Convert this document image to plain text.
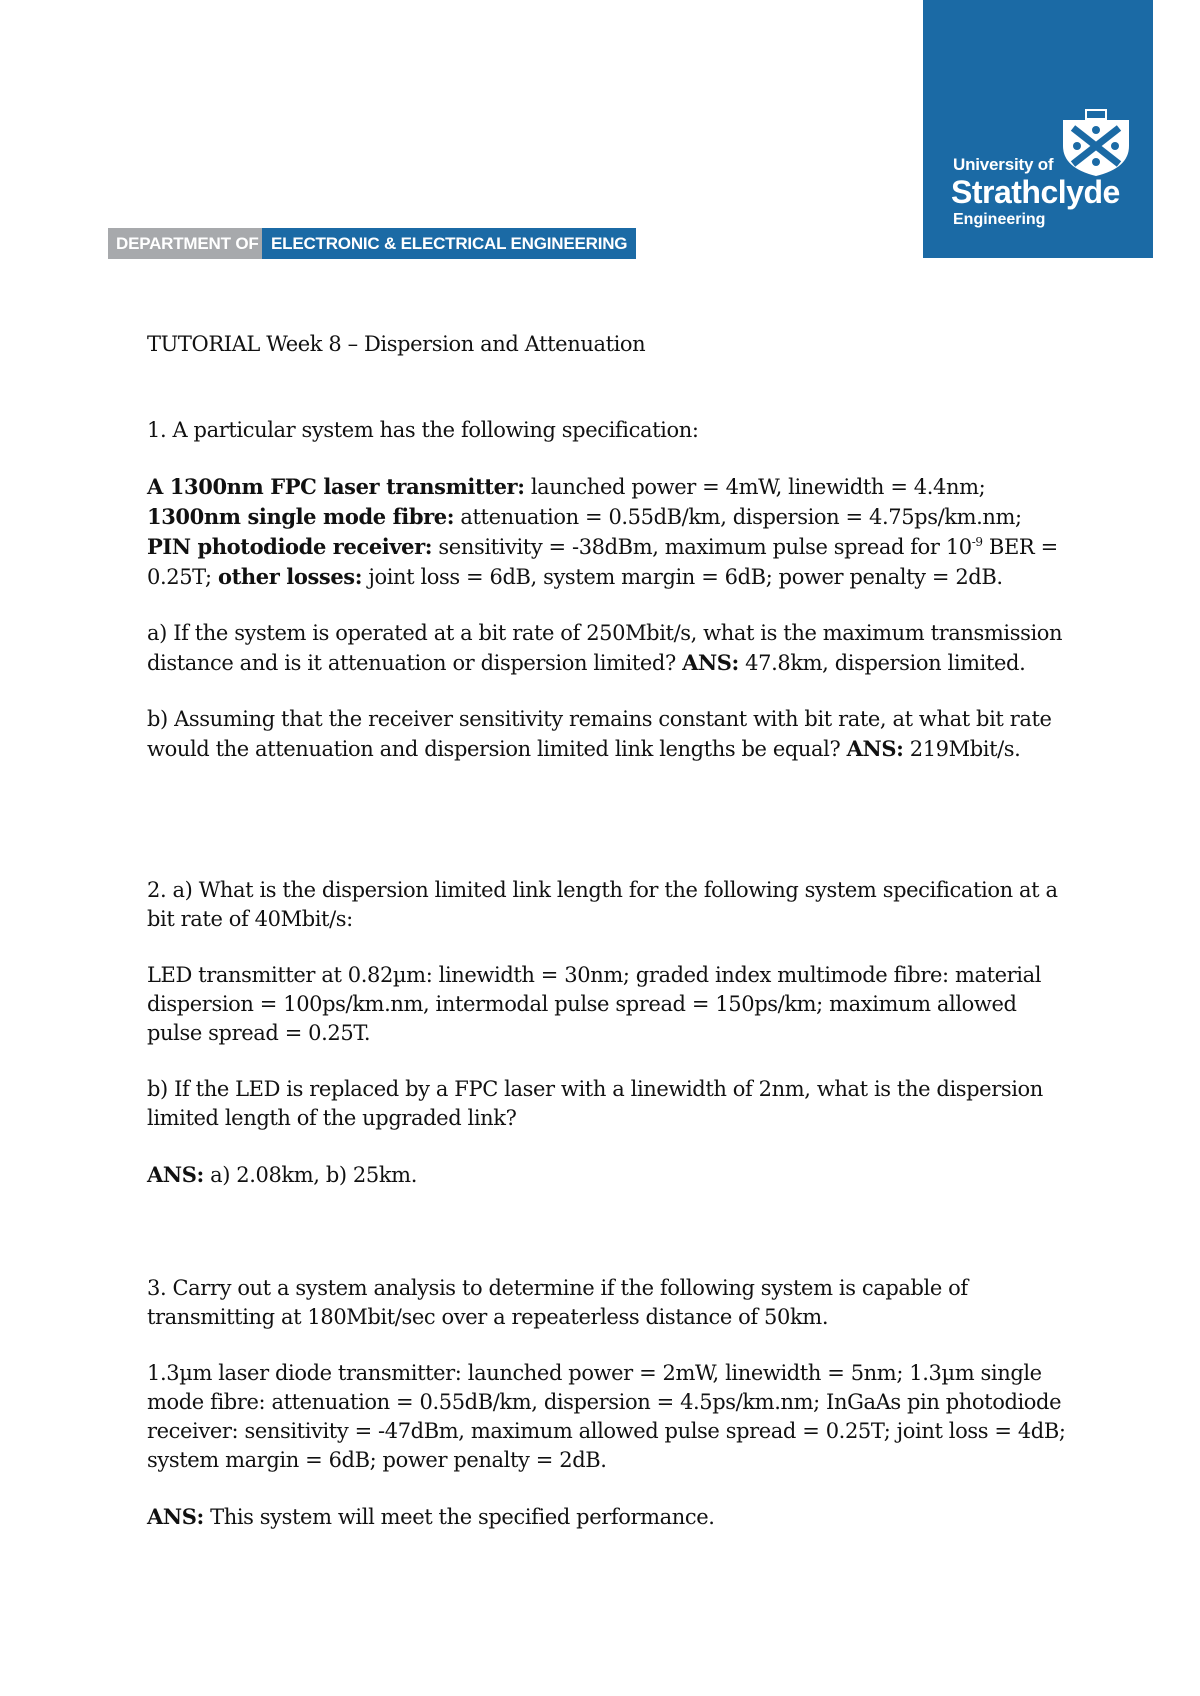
University of
Strathclyde
Engineering
DEPARTMENT OF ELECTRONIC & ELECTRICAL ENGINEERING

TUTORIAL Week 8 – Dispersion and Attenuation

1. A particular system has the following specification:

A 1300nm FPC laser transmitter: launched power = 4mW, linewidth = 4.4nm;
1300nm single mode fibre: attenuation = 0.55dB/km, dispersion = 4.75ps/km.nm;
PIN photodiode receiver: sensitivity = -38dBm, maximum pulse spread for $10^{-9}$ BER = 0.25T; other losses: joint loss = 6dB, system margin = 6dB; power penalty = 2dB.

a) If the system is operated at a bit rate of 250Mbit/s, what is the maximum transmission distance and is it attenuation or dispersion limited? ANS: 47.8km, dispersion limited.

b) Assuming that the receiver sensitivity remains constant with bit rate, at what bit rate would the attenuation and dispersion limited link lengths be equal? ANS: 219Mbit/s.

2. a) What is the dispersion limited link length for the following system specification at a bit rate of 40Mbit/s:

LED transmitter at 0.82µm: linewidth = 30nm; graded index multimode fibre: material dispersion = 100ps/km.nm, intermodal pulse spread = 150ps/km; maximum allowed pulse spread = 0.25T.

b) If the LED is replaced by a FPC laser with a linewidth of 2nm, what is the dispersion limited length of the upgraded link?

ANS: a) 2.08km, b) 25km.

3. Carry out a system analysis to determine if the following system is capable of transmitting at 180Mbit/sec over a repeaterless distance of 50km.

1.3µm laser diode transmitter: launched power = 2mW, linewidth = 5nm; 1.3µm single mode fibre: attenuation = 0.55dB/km, dispersion = 4.5ps/km.nm; InGaAs pin photodiode receiver: sensitivity = -47dBm, maximum allowed pulse spread = 0.25T; joint loss = 4dB; system margin = 6dB; power penalty = 2dB.

ANS: This system will meet the specified performance.
